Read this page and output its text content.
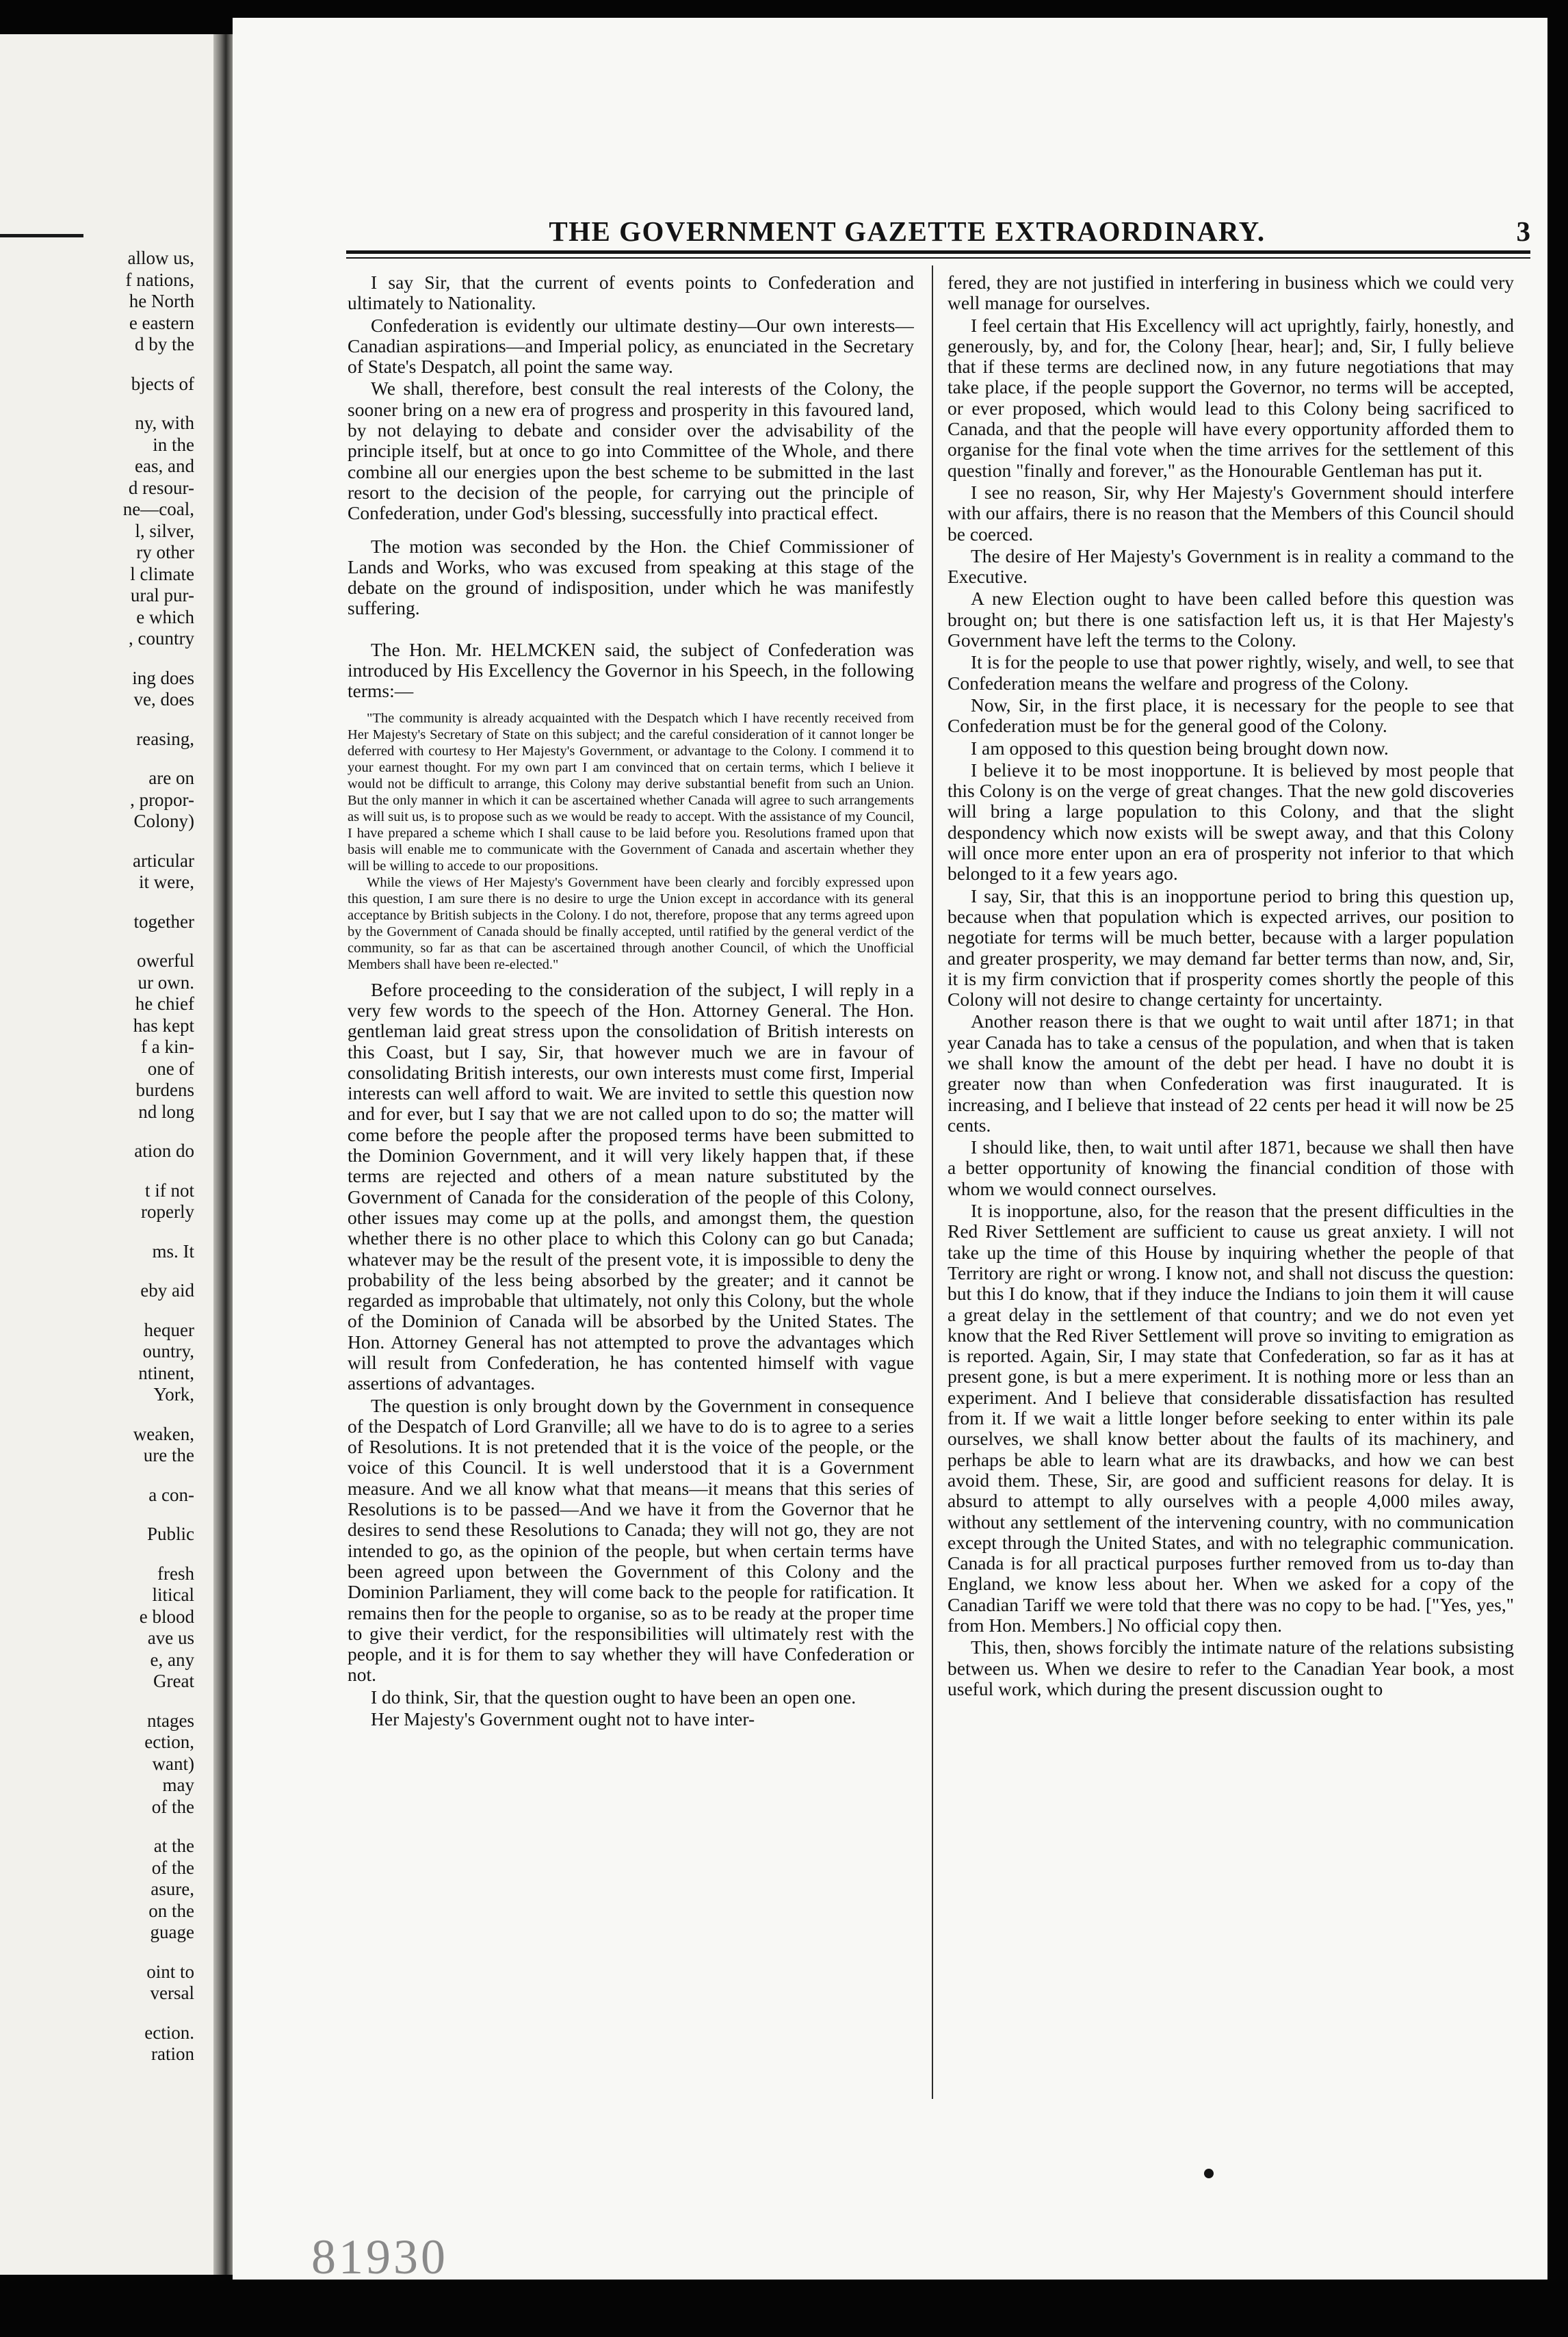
allow us,
f nations,
he North
e eastern
d by the
bjects of
ny, with
in the
eas, and
d resour-
ne—coal,
l, silver,
ry other
l climate
ural pur-
e which
, country
ing does
ve, does
reasing,
are on
, propor-
Colony)
articular
it were,
together
owerful
ur own.
he chief
has kept
f a kin-
one of
burdens
nd long
ation do
t if not
roperly
ms. It
eby aid
hequer
ountry,
ntinent,
York,
weaken,
ure the
a con-
Public
fresh
litical
e blood
ave us
e, any
Great
ntages
ection,
want)
may
of the
at the
of the
asure,
on the
guage
oint to
versal
ection.
ration
THE GOVERNMENT GAZETTE EXTRAORDINARY.	3

I say Sir, that the current of events points to Confederation and ultimately to Nationality.

Confederation is evidently our ultimate destiny—Our own interests—Canadian aspirations—and Imperial policy, as enunciated in the Secretary of State's Despatch, all point the same way.

We shall, therefore, best consult the real interests of the Colony, the sooner bring on a new era of progress and prosperity in this favoured land, by not delaying to debate and consider over the advisability of the principle itself, but at once to go into Committee of the Whole, and there combine all our energies upon the best scheme to be submitted in the last resort to the decision of the people, for carrying out the principle of Confederation, under God's blessing, successfully into practical effect.

The motion was seconded by the Hon. the Chief Commissioner of Lands and Works, who was excused from speaking at this stage of the debate on the ground of indisposition, under which he was manifestly suffering.

The Hon. Mr. HELMCKEN said, the subject of Confederation was introduced by His Excellency the Governor in his Speech, in the following terms:—

"The community is already acquainted with the Despatch which I have recently received from Her Majesty's Secretary of State on this subject; and the careful consideration of it cannot longer be deferred with courtesy to Her Majesty's Government, or advantage to the Colony. I commend it to your earnest thought. For my own part I am convinced that on certain terms, which I believe it would not be difficult to arrange, this Colony may derive substantial benefit from such an Union. But the only manner in which it can be ascertained whether Canada will agree to such arrangements as will suit us, is to propose such as we would be ready to accept. With the assistance of my Council, I have prepared a scheme which I shall cause to be laid before you. Resolutions framed upon that basis will enable me to communicate with the Government of Canada and ascertain whether they will be willing to accede to our propositions.

While the views of Her Majesty's Government have been clearly and forcibly expressed upon this question, I am sure there is no desire to urge the Union except in accordance with its general acceptance by British subjects in the Colony. I do not, therefore, propose that any terms agreed upon by the Government of Canada should be finally accepted, until ratified by the general verdict of the community, so far as that can be ascertained through another Council, of which the Unofficial Members shall have been re-elected."

Before proceeding to the consideration of the subject, I will reply in a very few words to the speech of the Hon. Attorney General. The Hon. gentleman laid great stress upon the consolidation of British interests on this Coast, but I say, Sir, that however much we are in favour of consolidating British interests, our own interests must come first, Imperial interests can well afford to wait. We are invited to settle this question now and for ever, but I say that we are not called upon to do so; the matter will come before the people after the proposed terms have been submitted to the Dominion Government, and it will very likely happen that, if these terms are rejected and others of a mean nature substituted by the Government of Canada for the consideration of the people of this Colony, other issues may come up at the polls, and amongst them, the question whether there is no other place to which this Colony can go but Canada; whatever may be the result of the present vote, it is impossible to deny the probability of the less being absorbed by the greater; and it cannot be regarded as improbable that ultimately, not only this Colony, but the whole of the Dominion of Canada will be absorbed by the United States. The Hon. Attorney General has not attempted to prove the advantages which will result from Confederation, he has contented himself with vague assertions of advantages.

The question is only brought down by the Government in consequence of the Despatch of Lord Granville; all we have to do is to agree to a series of Resolutions. It is not pretended that it is the voice of the people, or the voice of this Council. It is well understood that it is a Government measure. And we all know what that means—it means that this series of Resolutions is to be passed—And we have it from the Governor that he desires to send these Resolutions to Canada; they will not go, they are not intended to go, as the opinion of the people, but when certain terms have been agreed upon between the Government of this Colony and the Dominion Parliament, they will come back to the people for ratification. It remains then for the people to organise, so as to be ready at the proper time to give their verdict, for the responsibilities will ultimately rest with the people, and it is for them to say whether they will have Confederation or not.

I do think, Sir, that the question ought to have been an open one.

Her Majesty's Government ought not to have inter-

fered, they are not justified in interfering in business which we could very well manage for ourselves.

I feel certain that His Excellency will act uprightly, fairly, honestly, and generously, by, and for, the Colony [hear, hear]; and, Sir, I fully believe that if these terms are declined now, in any future negotiations that may take place, if the people support the Governor, no terms will be accepted, or ever proposed, which would lead to this Colony being sacrificed to Canada, and that the people will have every opportunity afforded them to organise for the final vote when the time arrives for the settlement of this question "finally and forever," as the Honourable Gentleman has put it.

I see no reason, Sir, why Her Majesty's Government should interfere with our affairs, there is no reason that the Members of this Council should be coerced.

The desire of Her Majesty's Government is in reality a command to the Executive.

A new Election ought to have been called before this question was brought on; but there is one satisfaction left us, it is that Her Majesty's Government have left the terms to the Colony.

It is for the people to use that power rightly, wisely, and well, to see that Confederation means the welfare and progress of the Colony.

Now, Sir, in the first place, it is necessary for the people to see that Confederation must be for the general good of the Colony.

I am opposed to this question being brought down now.

I believe it to be most inopportune. It is believed by most people that this Colony is on the verge of great changes. That the new gold discoveries will bring a large population to this Colony, and that the slight despondency which now exists will be swept away, and that this Colony will once more enter upon an era of prosperity not inferior to that which belonged to it a few years ago.

I say, Sir, that this is an inopportune period to bring this question up, because when that population which is expected arrives, our position to negotiate for terms will be much better, because with a larger population and greater prosperity, we may demand far better terms than now, and, Sir, it is my firm conviction that if prosperity comes shortly the people of this Colony will not desire to change certainty for uncertainty.

Another reason there is that we ought to wait until after 1871; in that year Canada has to take a census of the population, and when that is taken we shall know the amount of the debt per head. I have no doubt it is greater now than when Confederation was first inaugurated. It is increasing, and I believe that instead of 22 cents per head it will now be 25 cents.

I should like, then, to wait until after 1871, because we shall then have a better opportunity of knowing the financial condition of those with whom we would connect ourselves.

It is inopportune, also, for the reason that the present difficulties in the Red River Settlement are sufficient to cause us great anxiety. I will not take up the time of this House by inquiring whether the people of that Territory are right or wrong. I know not, and shall not discuss the question: but this I do know, that if they induce the Indians to join them it will cause a great delay in the settlement of that country; and we do not even yet know that the Red River Settlement will prove so inviting to emigration as is reported. Again, Sir, I may state that Confederation, so far as it has at present gone, is but a mere experiment. It is nothing more or less than an experiment. And I believe that considerable dissatisfaction has resulted from it. If we wait a little longer before seeking to enter within its pale ourselves, we shall know better about the faults of its machinery, and perhaps be able to learn what are its drawbacks, and how we can best avoid them. These, Sir, are good and sufficient reasons for delay. It is absurd to attempt to ally ourselves with a people 4,000 miles away, without any settlement of the intervening country, with no communication except through the United States, and with no telegraphic communication. Canada is for all practical purposes further removed from us to-day than England, we know less about her. When we asked for a copy of the Canadian Tariff we were told that there was no copy to be had. ["Yes, yes," from Hon. Members.] No official copy then.

This, then, shows forcibly the intimate nature of the relations subsisting between us. When we desire to refer to the Canadian Year book, a most useful work, which during the present discussion ought to

81930
